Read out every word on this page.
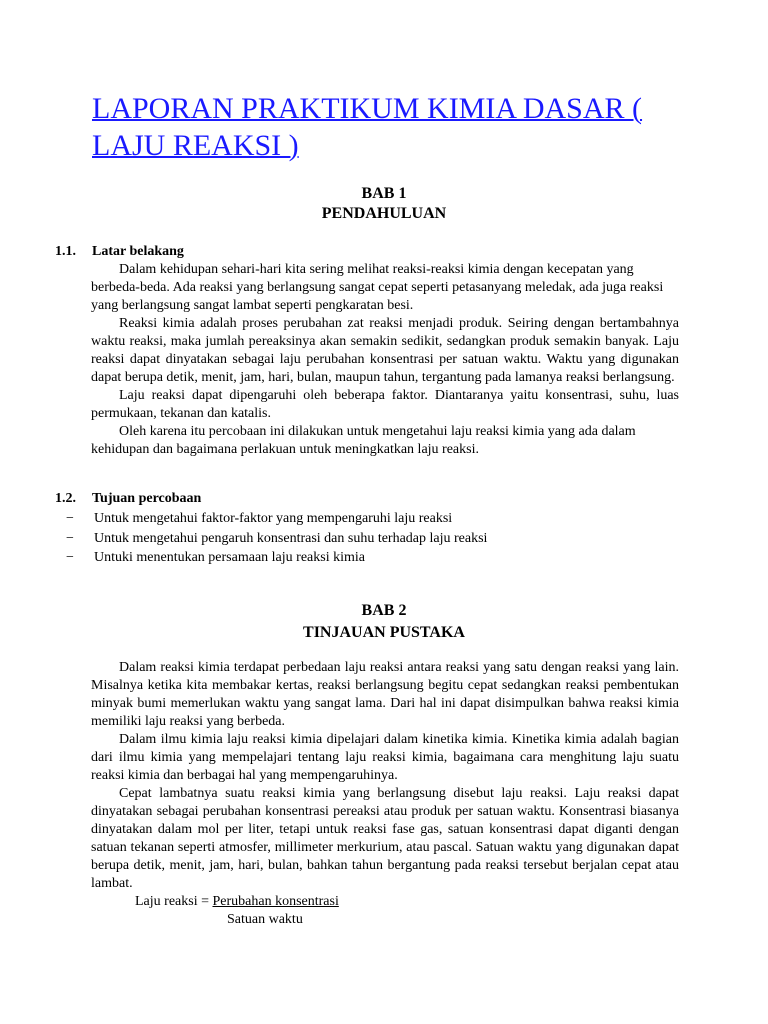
LAPORAN PRAKTIKUM KIMIA DASAR (
LAJU REAKSI )
BAB 1
PENDAHULUAN
1.1. Latar belakang

Dalam kehidupan sehari-hari kita sering melihat reaksi-reaksi kimia dengan kecepatan yang berbeda-beda. Ada reaksi yang berlangsung sangat cepat seperti petasanyang meledak, ada juga reaksi yang berlangsung sangat lambat seperti pengkaratan besi.

Reaksi kimia adalah proses perubahan zat reaksi menjadi produk. Seiring dengan bertambahnya waktu reaksi, maka jumlah pereaksinya akan semakin sedikit, sedangkan produk semakin banyak. Laju reaksi dapat dinyatakan sebagai laju perubahan konsentrasi per satuan waktu. Waktu yang digunakan dapat berupa detik, menit, jam, hari, bulan, maupun tahun, tergantung pada lamanya reaksi berlangsung.

Laju reaksi dapat dipengaruhi oleh beberapa faktor. Diantaranya yaitu konsentrasi, suhu, luas permukaan, tekanan dan katalis.

Oleh karena itu percobaan ini dilakukan untuk mengetahui laju reaksi kimia yang ada dalam kehidupan dan bagaimana perlakuan untuk meningkatkan laju reaksi.

1.2. Tujuan percobaan
− Untuk mengetahui faktor-faktor yang mempengaruhi laju reaksi
− Untuk mengetahui pengaruh konsentrasi dan suhu terhadap laju reaksi
− Untuki menentukan persamaan laju reaksi kimia
BAB 2
TINJAUAN PUSTAKA

Dalam reaksi kimia terdapat perbedaan laju reaksi antara reaksi yang satu dengan reaksi yang lain. Misalnya ketika kita membakar kertas, reaksi berlangsung begitu cepat sedangkan reaksi pembentukan minyak bumi memerlukan waktu yang sangat lama. Dari hal ini dapat disimpulkan bahwa reaksi kimia memiliki laju reaksi yang berbeda.

Dalam ilmu kimia laju reaksi kimia dipelajari dalam kinetika kimia. Kinetika kimia adalah bagian dari ilmu kimia yang mempelajari tentang laju reaksi kimia, bagaimana cara menghitung laju suatu reaksi kimia dan berbagai hal yang mempengaruhinya.

Cepat lambatnya suatu reaksi kimia yang berlangsung disebut laju reaksi. Laju reaksi dapat dinyatakan sebagai perubahan konsentrasi pereaksi atau produk per satuan waktu. Konsentrasi biasanya dinyatakan dalam mol per liter, tetapi untuk reaksi fase gas, satuan konsentrasi dapat diganti dengan satuan tekanan seperti atmosfer, millimeter merkurium, atau pascal. Satuan waktu yang digunakan dapat berupa detik, menit, jam, hari, bulan, bahkan tahun bergantung pada reaksi tersebut berjalan cepat atau lambat.

Laju reaksi = Perubahan konsentrasi
Satuan waktu
